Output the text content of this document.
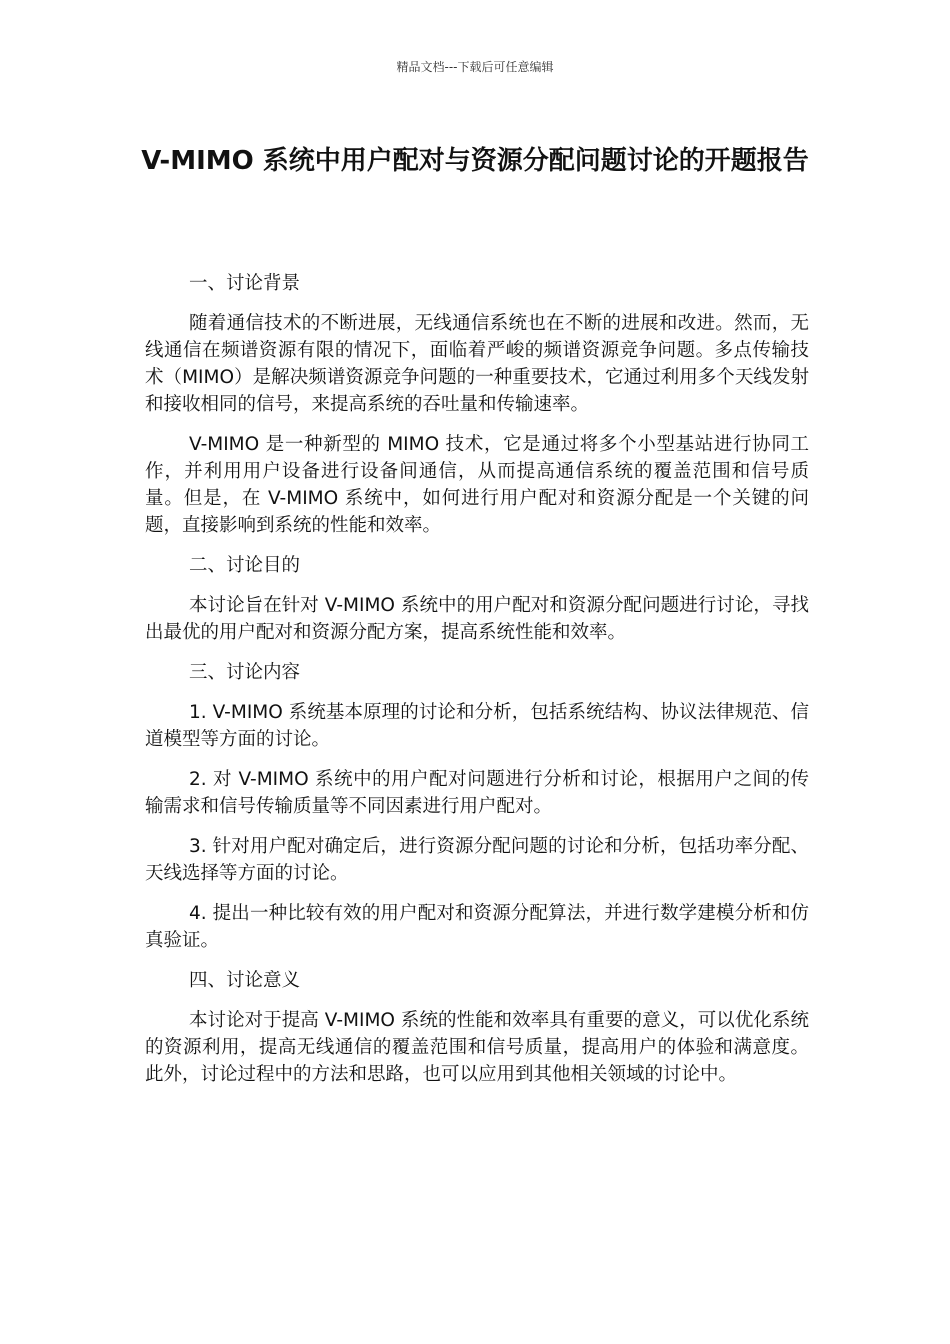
精品文档---下载后可任意编辑
V-MIMO 系统中用户配对与资源分配问题讨论的开题报告

一、讨论背景

随着通信技术的不断进展，无线通信系统也在不断的进展和改进。然而，无线通信在频谱资源有限的情况下，面临着严峻的频谱资源竞争问题。多点传输技术（MIMO）是解决频谱资源竞争问题的一种重要技术，它通过利用多个天线发射和接收相同的信号，来提高系统的吞吐量和传输速率。

V-MIMO 是一种新型的 MIMO 技术，它是通过将多个小型基站进行协同工作，并利用用户设备进行设备间通信，从而提高通信系统的覆盖范围和信号质量。但是，在 V-MIMO 系统中，如何进行用户配对和资源分配是一个关键的问题，直接影响到系统的性能和效率。

二、讨论目的

本讨论旨在针对 V-MIMO 系统中的用户配对和资源分配问题进行讨论，寻找出最优的用户配对和资源分配方案，提高系统性能和效率。

三、讨论内容

1. V-MIMO 系统基本原理的讨论和分析，包括系统结构、协议法律规范、信道模型等方面的讨论。

2. 对 V-MIMO 系统中的用户配对问题进行分析和讨论，根据用户之间的传输需求和信号传输质量等不同因素进行用户配对。

3. 针对用户配对确定后，进行资源分配问题的讨论和分析，包括功率分配、天线选择等方面的讨论。

4. 提出一种比较有效的用户配对和资源分配算法，并进行数学建模分析和仿真验证。

四、讨论意义

本讨论对于提高 V-MIMO 系统的性能和效率具有重要的意义，可以优化系统的资源利用，提高无线通信的覆盖范围和信号质量，提高用户的体验和满意度。此外，讨论过程中的方法和思路，也可以应用到其他相关领域的讨论中。
